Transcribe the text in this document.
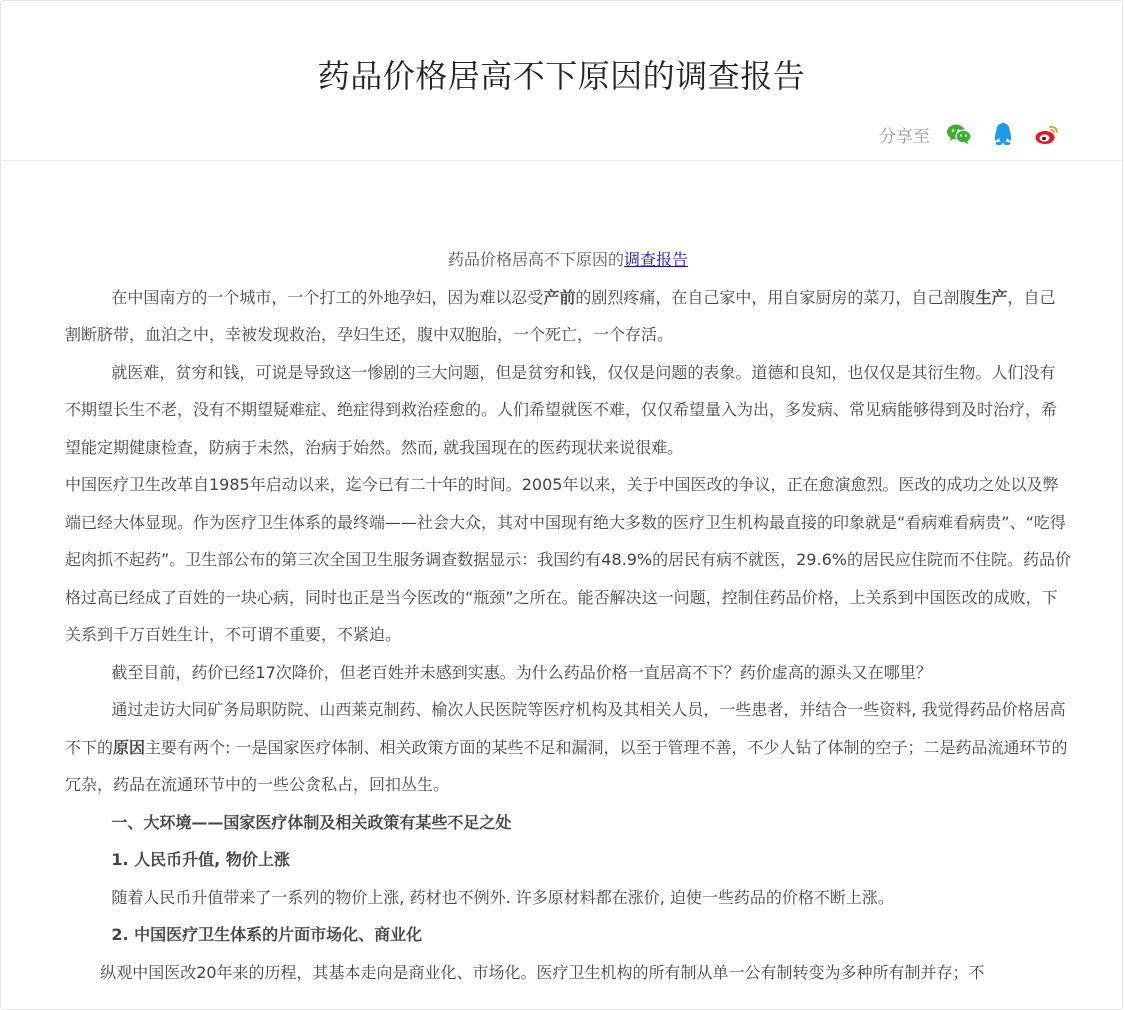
药品价格居高不下原因的调查报告
分享至

药品价格居高不下原因的调查报告

在中国南方的一个城市，一个打工的外地孕妇，因为难以忍受产前的剧烈疼痛，在自己家中，用自家厨房的菜刀，自己剖腹生产，自己割断脐带，血泊之中，幸被发现救治，孕妇生还，腹中双胞胎，一个死亡，一个存活。

就医难，贫穷和钱，可说是导致这一惨剧的三大问题，但是贫穷和钱，仅仅是问题的表象。道德和良知，也仅仅是其衍生物。人们没有不期望长生不老，没有不期望疑难症、绝症得到救治痊愈的。人们希望就医不难，仅仅希望量入为出，多发病、常见病能够得到及时治疗，希望能定期健康检查，防病于未然，治病于始然。然而, 就我国现在的医药现状来说很难。

中国医疗卫生改革自1985年启动以来，迄今已有二十年的时间。2005年以来，关于中国医改的争议，正在愈演愈烈。医改的成功之处以及弊端已经大体显现。作为医疗卫生体系的最终端——社会大众，其对中国现有绝大多数的医疗卫生机构最直接的印象就是“看病难看病贵”、“吃得起肉抓不起药”。卫生部公布的第三次全国卫生服务调查数据显示：我国约有48.9%的居民有病不就医，29.6%的居民应住院而不住院。药品价格过高已经成了百姓的一块心病，同时也正是当今医改的“瓶颈”之所在。能否解决这一问题，控制住药品价格，上关系到中国医改的成败，下关系到千万百姓生计，不可谓不重要，不紧迫。

截至目前，药价已经17次降价，但老百姓并未感到实惠。为什么药品价格一直居高不下？药价虚高的源头又在哪里？

通过走访大同矿务局职防院、山西莱克制药、榆次人民医院等医疗机构及其相关人员，一些患者，并结合一些资料, 我觉得药品价格居高不下的原因主要有两个: 一是国家医疗体制、相关政策方面的某些不足和漏洞，以至于管理不善，不少人钻了体制的空子；二是药品流通环节的冗杂，药品在流通环节中的一些公贪私占，回扣丛生。

一、大环境——国家医疗体制及相关政策有某些不足之处

1. 人民币升值, 物价上涨

随着人民币升值带来了一系列的物价上涨, 药材也不例外. 许多原材料都在涨价, 迫使一些药品的价格不断上涨。

2. 中国医疗卫生体系的片面市场化、商业化

纵观中国医改20年来的历程，其基本走向是商业化、市场化。医疗卫生机构的所有制从单一公有制转变为多种所有制并存；不
